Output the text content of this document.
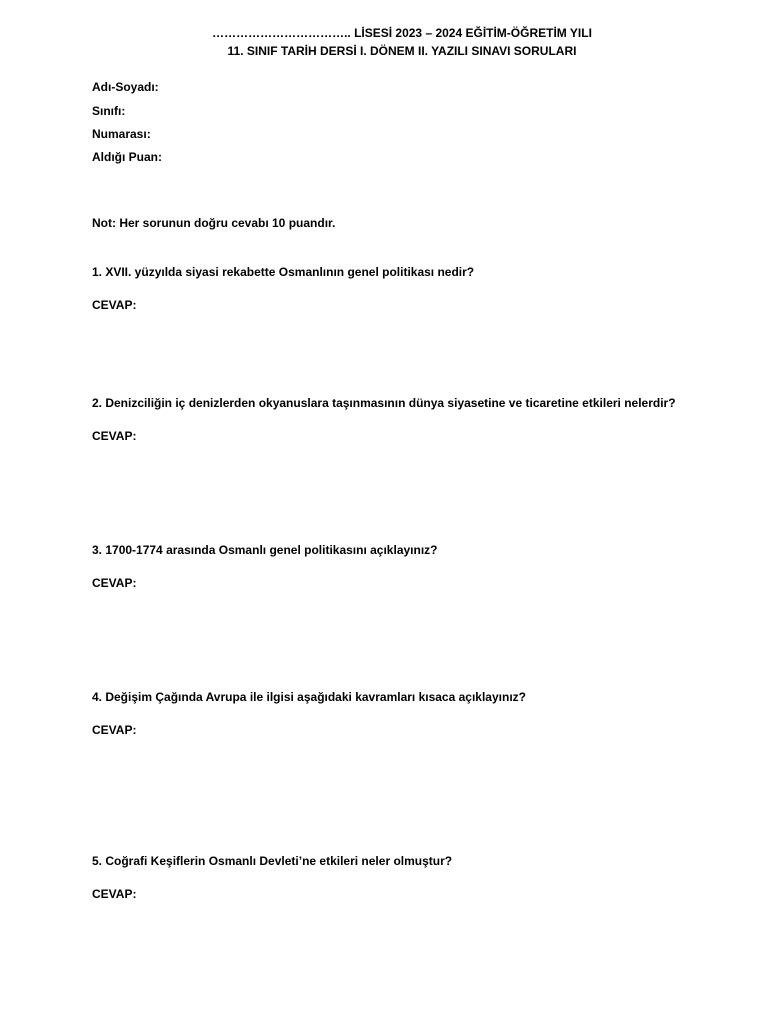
…………………………….. LİSESİ 2023 – 2024 EĞİTİM-ÖĞRETİM YILI
11. SINIF TARİH DERSİ I. DÖNEM II. YAZILI SINAVI SORULARI
Adı-Soyadı:
Sınıfı:
Numarası:
Aldığı Puan:
Not: Her sorunun doğru cevabı 10 puandır.
1. XVII. yüzyılda siyasi rekabette Osmanlının genel politikası nedir?
CEVAP:
2. Denizciliğin iç denizlerden okyanuslara taşınmasının dünya siyasetine ve ticaretine etkileri nelerdir?
CEVAP:
3. 1700-1774 arasında Osmanlı genel politikasını açıklayınız?
CEVAP:
4. Değişim Çağında Avrupa ile ilgisi aşağıdaki kavramları kısaca açıklayınız?
CEVAP:
5. Coğrafi Keşiflerin Osmanlı Devleti’ne etkileri neler olmuştur?
CEVAP:
